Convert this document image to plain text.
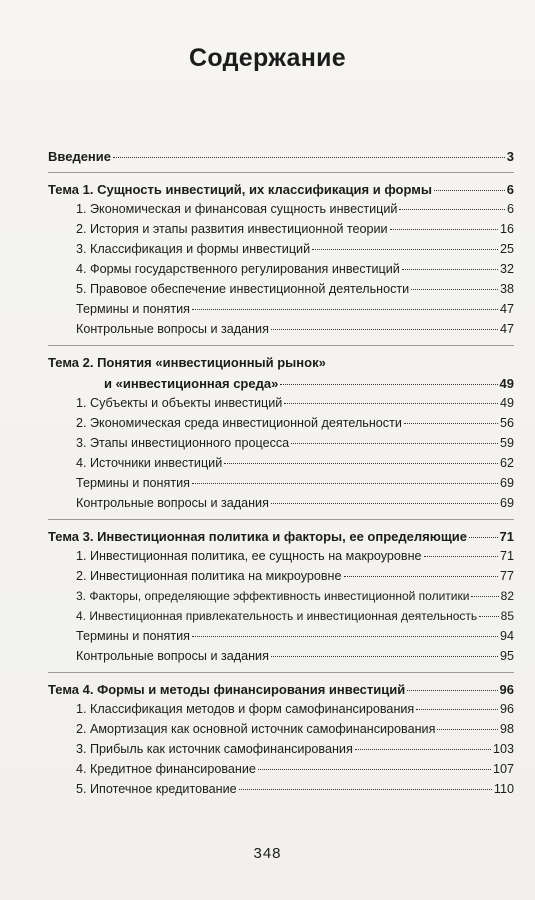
Содержание
Введение	3
Тема 1. Сущность инвестиций, их классификация и формы	6
1. Экономическая и финансовая сущность инвестиций	6
2. История и этапы развития инвестиционной теории	16
3. Классификация и формы инвестиций	25
4. Формы государственного регулирования инвестиций	32
5. Правовое обеспечение инвестиционной деятельности	38
Термины и понятия	47
Контрольные вопросы и задания	47
Тема 2. Понятия «инвестиционный рынок»
и «инвестиционная среда»	49
1. Субъекты и объекты инвестиций	49
2. Экономическая среда инвестиционной деятельности	56
3. Этапы инвестиционного процесса	59
4. Источники инвестиций	62
Термины и понятия	69
Контрольные вопросы и задания	69
Тема 3. Инвестиционная политика и факторы, ее определяющие	71
1. Инвестиционная политика, ее сущность на макроуровне	71
2. Инвестиционная политика на микроуровне	77
3. Факторы, определяющие эффективность инвестиционной политики	82
4. Инвестиционная привлекательность и инвестиционная деятельность 85
Термины и понятия	94
Контрольные вопросы и задания	95
Тема 4. Формы и методы финансирования инвестиций	96
1. Классификация методов и форм самофинансирования	96
2. Амортизация как основной источник самофинансирования	98
3. Прибыль как источник самофинансирования	103
4. Кредитное финансирование	107
5. Ипотечное кредитование	110
348
